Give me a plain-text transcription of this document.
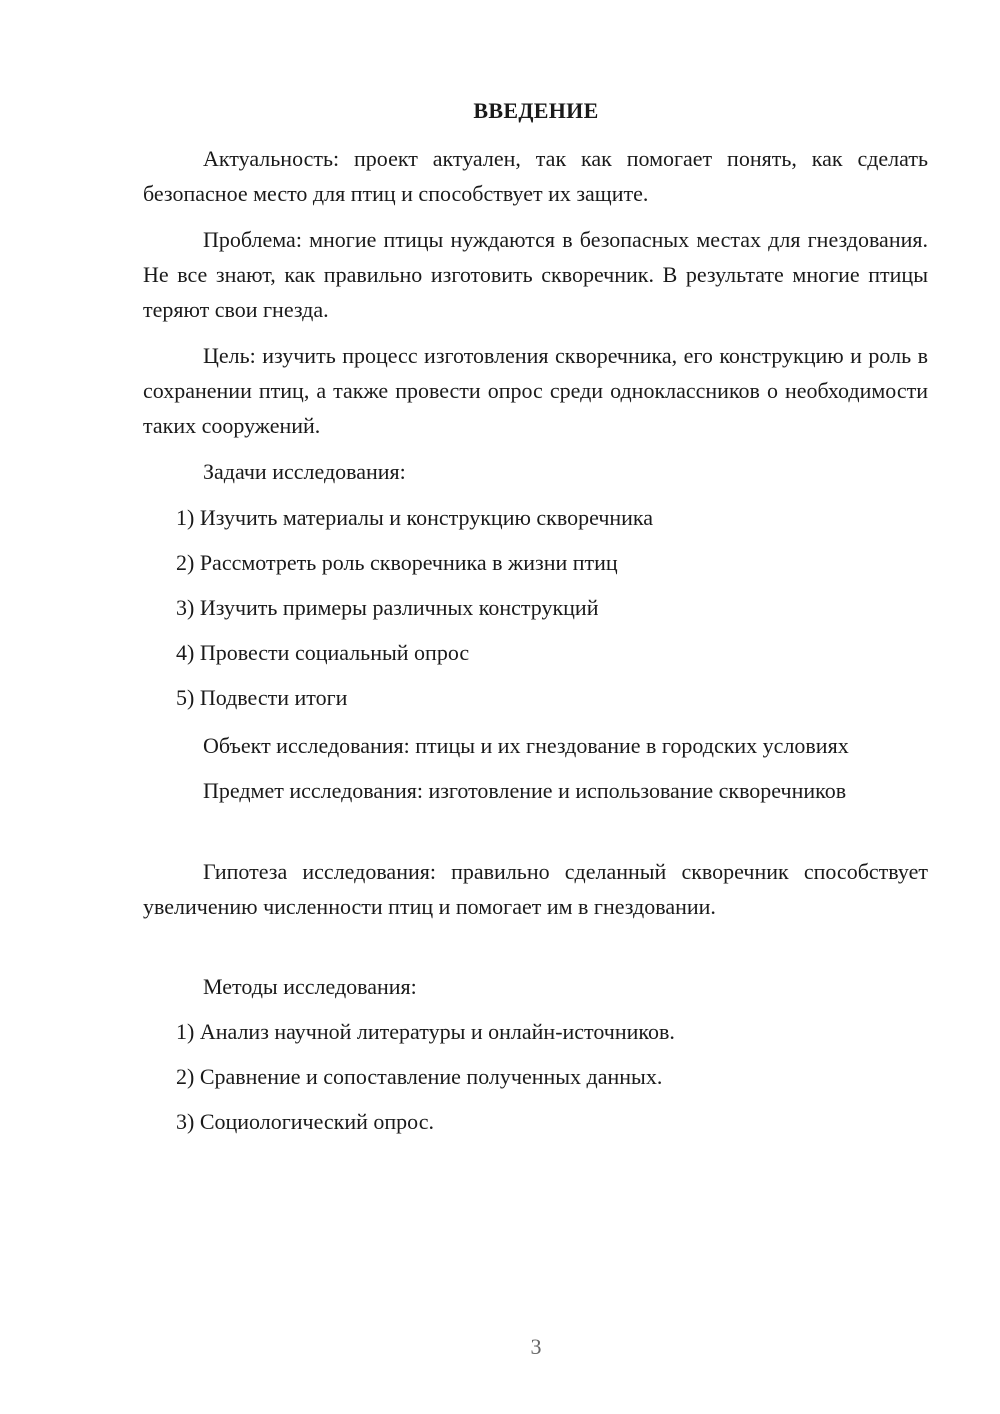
ВВЕДЕНИЕ

Актуальность: проект актуален, так как помогает понять, как сделать безопасное место для птиц и способствует их защите.

Проблема: многие птицы нуждаются в безопасных местах для гнездования. Не все знают, как правильно изготовить скворечник. В результате многие птицы теряют свои гнезда.

Цель: изучить процесс изготовления скворечника, его конструкцию и роль в сохранении птиц, а также провести опрос среди одноклассников о необходимости таких сооружений.

Задачи исследования:

1) Изучить материалы и конструкцию скворечника

2) Рассмотреть роль скворечника в жизни птиц

3) Изучить примеры различных конструкций

4) Провести социальный опрос

5) Подвести итоги

Объект исследования: птицы и их гнездование в городских условиях

Предмет исследования: изготовление и использование скворечников

Гипотеза исследования: правильно сделанный скворечник способствует увеличению численности птиц и помогает им в гнездовании.

Методы исследования:

1) Анализ научной литературы и онлайн-источников.

2) Сравнение и сопоставление полученных данных.

3) Социологический опрос.

3
